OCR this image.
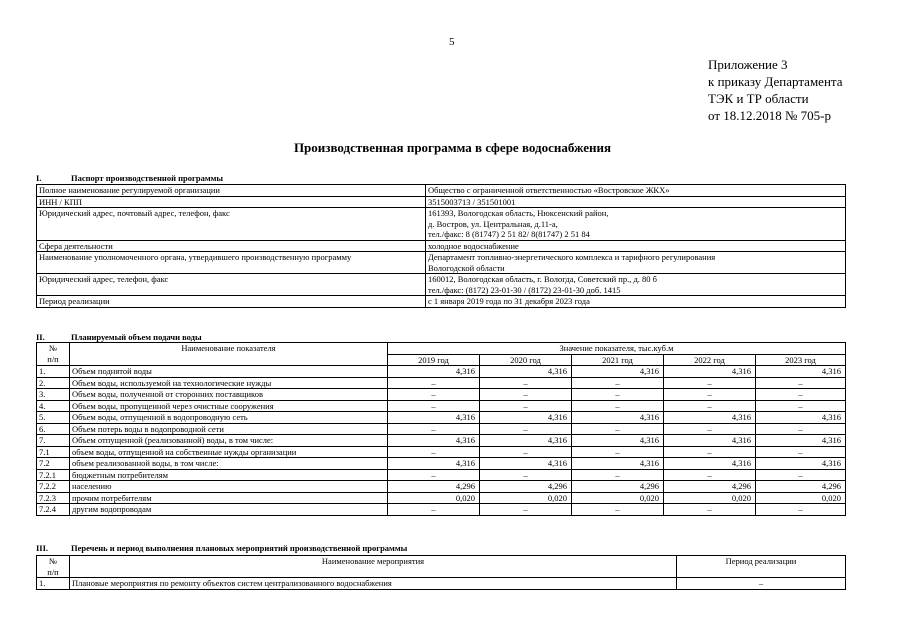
5
Приложение 3
к приказу Департамента
ТЭК и ТР области
от 18.12.2018 № 705-р
Производственная программа в сфере водоснабжения
I.	Паспорт производственной программы
Полное наименование регулируемой организации	Общество с ограниченной ответственностью «Востровское ЖКХ»

ИНН / КПП	3515003713 / 351501001

Юридический адрес, почтовый адрес, телефон, факс	161393, Вологодская область, Нюксенский район,
д. Востров, ул. Центральная, д.11-а,
тел./факс: 8 (81747) 2 51 82/ 8(81747) 2 51 84

Сфера деятельности	холодное водоснабжение

Наименование уполномоченного органа, утвердившего производственную программу	Департамент топливно-энергетического комплекса и тарифного регулирования
Вологодской области

Юридический адрес, телефон, факс	160012, Вологодская область, г. Вологда, Советский пр., д. 80 б
тел./факс: (8172) 23-01-30 / (8172) 23-01-30 доб. 1415

Период реализации	с 1 января 2019 года по 31 декабря 2023 года
II.	Планируемый объем подачи воды
№
п/п	Наименование показателя	Значение показателя, тыс.куб.м				
		2019 год	2020 год	2021 год	2022 год	2023 год
1.	Объем поднятой воды	4,316	4,316	4,316	4,316	4,316
2.	Объем воды, используемой на технологические нужды	–	–	–	–	–
3.	Объем воды, полученной от сторонних поставщиков	–	–	–	–	–
4.	Объем воды, пропущенной через очистные сооружения	–	–	–	–	–
5.	Объем воды, отпущенной в водопроводную сеть	4,316	4,316	4,316	4,316	4,316
6.	Объем потерь воды в водопроводной сети	–	–	–	–	–
7.	Объем отпущенной (реализованной) воды, в том числе:	4,316	4,316	4,316	4,316	4,316
7.1	объем воды, отпущенной на собственные нужды организации	–	–	–	–	–
7.2	объем реализованной воды, в том числе:	4,316	4,316	4,316	4,316	4,316
7.2.1	бюджетным потребителям	–	–	–	–	–
7.2.2	населению	4,296	4,296	4,296	4,296	4,296
7.2.3	прочим потребителям	0,020	0,020	0,020	0,020	0,020
7.2.4	другим водопроводам	–	–	–	–	–
III.	Перечень и период выполнения плановых мероприятий производственной программы
№
п/п	Наименование мероприятия	Период реализации
1.	Плановые мероприятия по ремонту объектов систем централизованного водоснабжения	–
